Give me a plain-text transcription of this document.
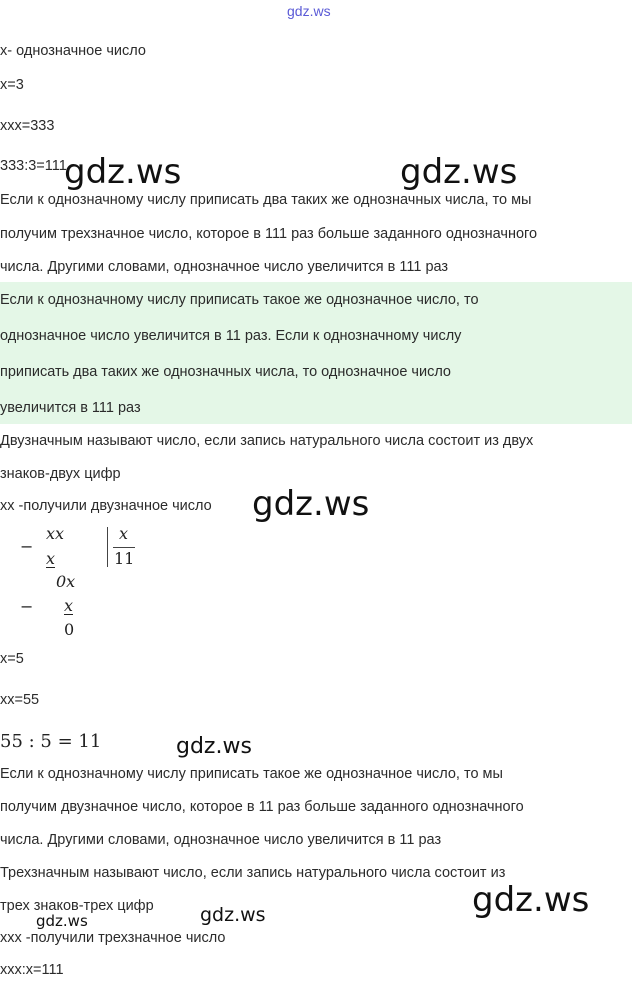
gdz.ws
x- однозначное число
x=3
xxx=333
333:3=111
Если к однозначному числу приписать два таких же однозначных числа, то мы
получим трехзначное число, которое в 111 раз больше заданного однозначного
числа. Другими словами, однозначное число увеличится в 111 раз
Если к однозначному числу приписать такое же однозначное число, то
однозначное число увеличится в 11 раз. Если к однозначному числу
приписать два таких же однозначных числа, то однозначное число
увеличится в 111 раз
Двузначным называют число, если запись натурального числа состоит из двух
знаков-двух цифр
xx -получили двузначное число
−
xx
x
x
11
0x
− x
0
x=5
xx=55
55 : 5 = 11
Если к однозначному числу приписать такое же однозначное число, то мы
получим двузначное число, которое в 11 раз больше заданного однозначного
числа. Другими словами, однозначное число увеличится в 11 раз
Трехзначным называют число, если запись натурального числа состоит из
трех знаков-трех цифр
xxx -получили трехзначное число
xxx:x=111
gdz.ws	gdz.ws
gdz.ws
gdz.ws
gdz.ws
gdz.ws	gdz.ws
